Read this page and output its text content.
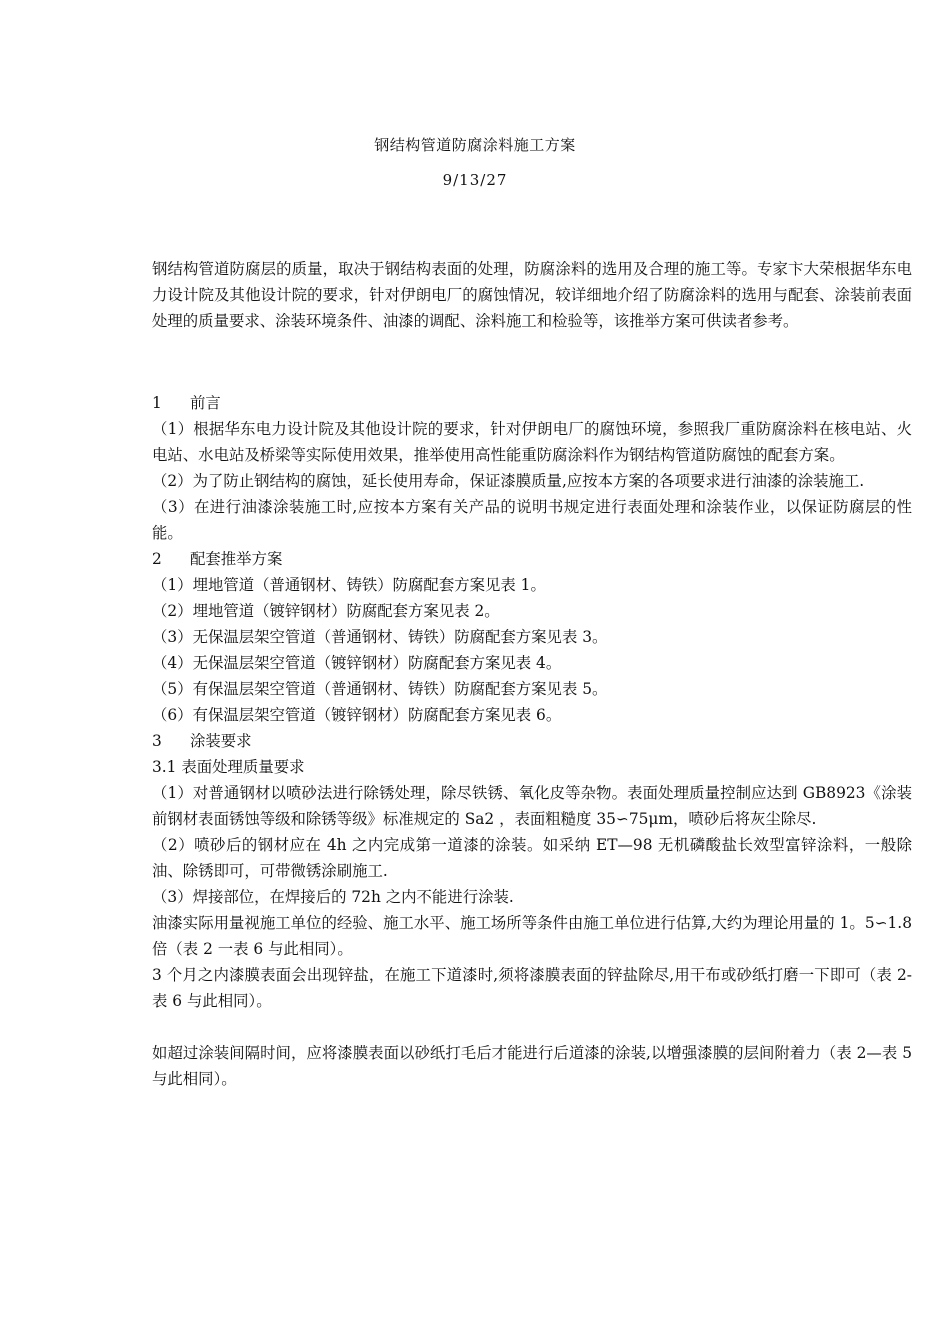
钢结构管道防腐涂料施工方案
9/13/27

钢结构管道防腐层的质量，取决于钢结构表面的处理，防腐涂料的选用及合理的施工等。专家卞大荣根据华东电力设计院及其他设计院的要求，针对伊朗电厂的腐蚀情况，较详细地介绍了防腐涂料的选用与配套、涂装前表面处理的质量要求、涂装环境条件、油漆的调配、涂料施工和检验等，该推举方案可供读者参考。

1 前言

（1）根据华东电力设计院及其他设计院的要求，针对伊朗电厂的腐蚀环境，参照我厂重防腐涂料在核电站、火电站、水电站及桥梁等实际使用效果，推举使用高性能重防腐涂料作为钢结构管道防腐蚀的配套方案。

（2）为了防止钢结构的腐蚀，延长使用寿命，保证漆膜质量,应按本方案的各项要求进行油漆的涂装施工.

（3）在进行油漆涂装施工时,应按本方案有关产品的说明书规定进行表面处理和涂装作业，以保证防腐层的性能。

2 配套推举方案

（1）埋地管道（普通钢材、铸铁）防腐配套方案见表 1。

（2）埋地管道（镀锌钢材）防腐配套方案见表 2。

（3）无保温层架空管道（普通钢材、铸铁）防腐配套方案见表 3。

（4）无保温层架空管道（镀锌钢材）防腐配套方案见表 4。

（5）有保温层架空管道（普通钢材、铸铁）防腐配套方案见表 5。

（6）有保温层架空管道（镀锌钢材）防腐配套方案见表 6。

3 涂装要求

3.1 表面处理质量要求

（1）对普通钢材以喷砂法进行除锈处理，除尽铁锈、氧化皮等杂物。表面处理质量控制应达到 GB8923《涂装前钢材表面锈蚀等级和除锈等级》标准规定的 Sa2 ，表面粗糙度 35∽75μm，喷砂后将灰尘除尽.

（2）喷砂后的钢材应在 4h 之内完成第一道漆的涂装。如采纳 ET—98 无机磷酸盐长效型富锌涂料，一般除油、除锈即可，可带微锈涂刷施工.

（3）焊接部位，在焊接后的 72h 之内不能进行涂装.

油漆实际用量视施工单位的经验、施工水平、施工场所等条件由施工单位进行估算,大约为理论用量的 1。5∽1.8 倍（表 2 一表 6 与此相同）。

3 个月之内漆膜表面会出现锌盐，在施工下道漆时,须将漆膜表面的锌盐除尽,用干布或砂纸打磨一下即可（表 2-表 6 与此相同）。

如超过涂装间隔时间，应将漆膜表面以砂纸打毛后才能进行后道漆的涂装,以增强漆膜的层间附着力（表 2—表 5 与此相同）。
